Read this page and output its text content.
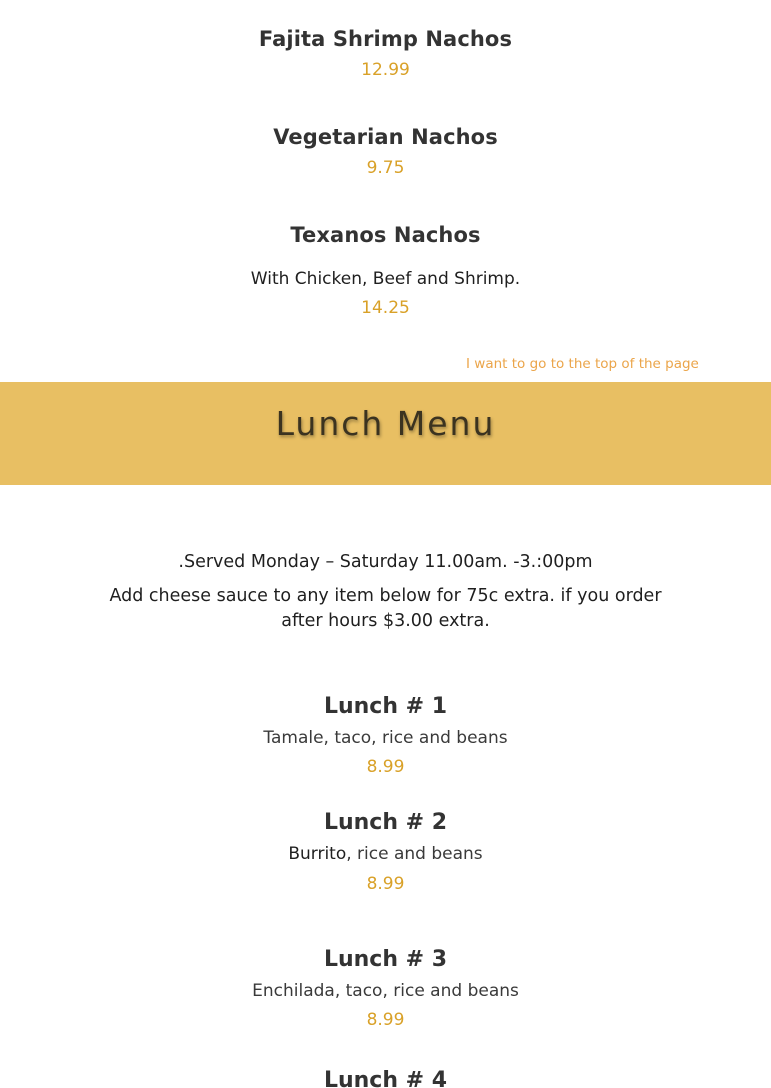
Fajita Shrimp Nachos
12.99
Vegetarian Nachos
9.75
Texanos Nachos
With Chicken, Beef and Shrimp.
14.25
I want to go to the top of the page
Lunch Menu
.Served Monday – Saturday 11.00am. -3.:00pm
Add cheese sauce to any item below for 75c extra. if you order after hours $3.00 extra.
Lunch # 1
Tamale, taco, rice and beans
8.99
Lunch # 2
Burrito, rice and beans
8.99
Lunch # 3
Enchilada, taco, rice and beans
8.99
Lunch # 4
